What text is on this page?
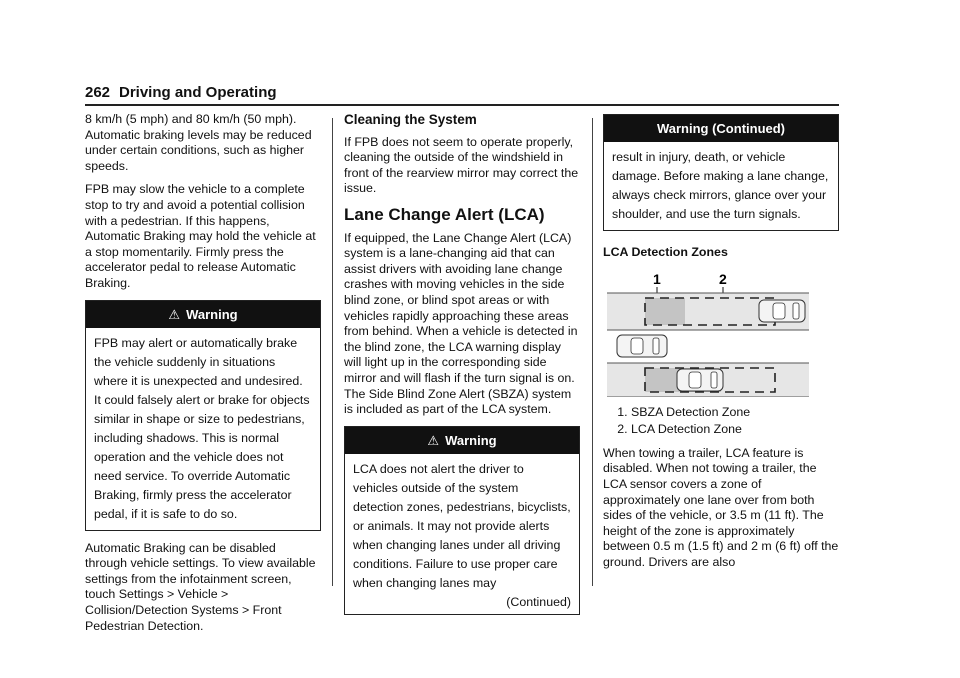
262 Driving and Operating

8 km/h (5 mph) and 80 km/h (50 mph). Automatic braking levels may be reduced under certain conditions, such as higher speeds.

FPB may slow the vehicle to a complete stop to try and avoid a potential collision with a pedestrian. If this happens, Automatic Braking may hold the vehicle at a stop momentarily. Firmly press the accelerator pedal to release Automatic Braking.

⚠ Warning
FPB may alert or automatically brake the vehicle suddenly in situations where it is unexpected and undesired. It could falsely alert or brake for objects similar in shape or size to pedestrians, including shadows. This is normal operation and the vehicle does not need service. To override Automatic Braking, firmly press the accelerator pedal, if it is safe to do so.

Automatic Braking can be disabled through vehicle settings. To view available settings from the infotainment screen, touch Settings > Vehicle > Collision/Detection Systems > Front Pedestrian Detection.

Cleaning the System

If FPB does not seem to operate properly, cleaning the outside of the windshield in front of the rearview mirror may correct the issue.

Lane Change Alert (LCA)

If equipped, the Lane Change Alert (LCA) system is a lane-changing aid that can assist drivers with avoiding lane change crashes with moving vehicles in the side blind zone, or blind spot areas or with vehicles rapidly approaching these areas from behind. When a vehicle is detected in the blind zone, the LCA warning display will light up in the corresponding side mirror and will flash if the turn signal is on. The Side Blind Zone Alert (SBZA) system is included as part of the LCA system.

⚠ Warning
LCA does not alert the driver to vehicles outside of the system detection zones, pedestrians, bicyclists, or animals. It may not provide alerts when changing lanes under all driving conditions. Failure to use proper care when changing lanes may
(Continued)
Warning (Continued)
result in injury, death, or vehicle damage. Before making a lane change, always check mirrors, glance over your shoulder, and use the turn signals.
LCA Detection Zones
1	2
1. SBZA Detection Zone
2. LCA Detection Zone

When towing a trailer, LCA feature is disabled. When not towing a trailer, the LCA sensor covers a zone of approximately one lane over from both sides of the vehicle, or 3.5 m (11 ft). The height of the zone is approximately between 0.5 m (1.5 ft) and 2 m (6 ft) off the ground. Drivers are also
